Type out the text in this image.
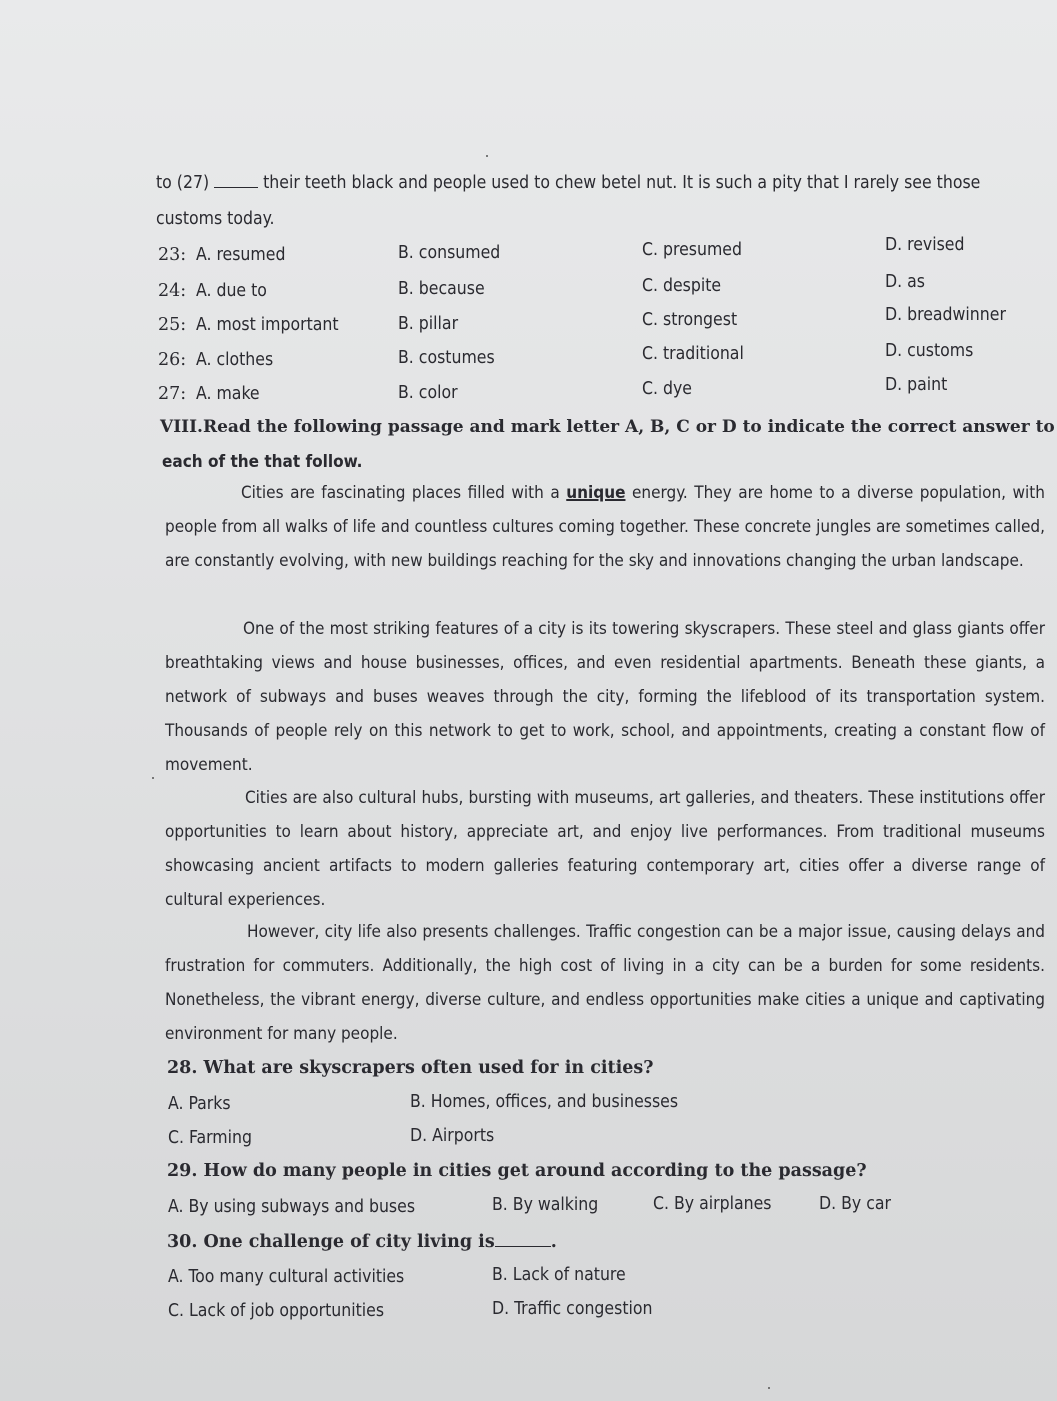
to (27)	their teeth black and people used to chew betel nut. It is such a pity that I rarely see those
customs today.
23: A. resumed	B. consumed	C. presumed	D. revised
24: A. due to	B. because	C. despite	D. as
25: A. most important	B. pillar	C. strongest	D. breadwinner
26: A. clothes	B. costumes	C. traditional	D. customs
27: A. make	B. color	C. dye	D. paint
VIII.Read the following passage and mark letter A, B, C or D to indicate the correct answer to
each of the that follow.
Cities are fascinating places filled with a unique energy. They are home to a diverse population, with people from all walks of life and countless cultures coming together. These concrete jungles are sometimes called, are constantly evolving, with new buildings reaching for the sky and innovations changing the urban landscape.
One of the most striking features of a city is its towering skyscrapers. These steel and glass giants offer breathtaking views and house businesses, offices, and even residential apartments. Beneath these giants, a network of subways and buses weaves through the city, forming the lifeblood of its transportation system. Thousands of people rely on this network to get to work, school, and appointments, creating a constant flow of movement.
Cities are also cultural hubs, bursting with museums, art galleries, and theaters. These institutions offer opportunities to learn about history, appreciate art, and enjoy live performances. From traditional museums showcasing ancient artifacts to modern galleries featuring contemporary art, cities offer a diverse range of cultural experiences.
However, city life also presents challenges. Traffic congestion can be a major issue, causing delays and frustration for commuters. Additionally, the high cost of living in a city can be a burden for some residents. Nonetheless, the vibrant energy, diverse culture, and endless opportunities make cities a unique and captivating environment for many people.
28. What are skyscrapers often used for in cities?
A. Parks	B. Homes, offices, and businesses
C. Farming	D. Airports
29. How do many people in cities get around according to the passage?
A. By using subways and buses	B. By walking	C. By airplanes	D. By car
30. One challenge of city living is	.
A. Too many cultural activities	B. Lack of nature
C. Lack of job opportunities	D. Traffic congestion
